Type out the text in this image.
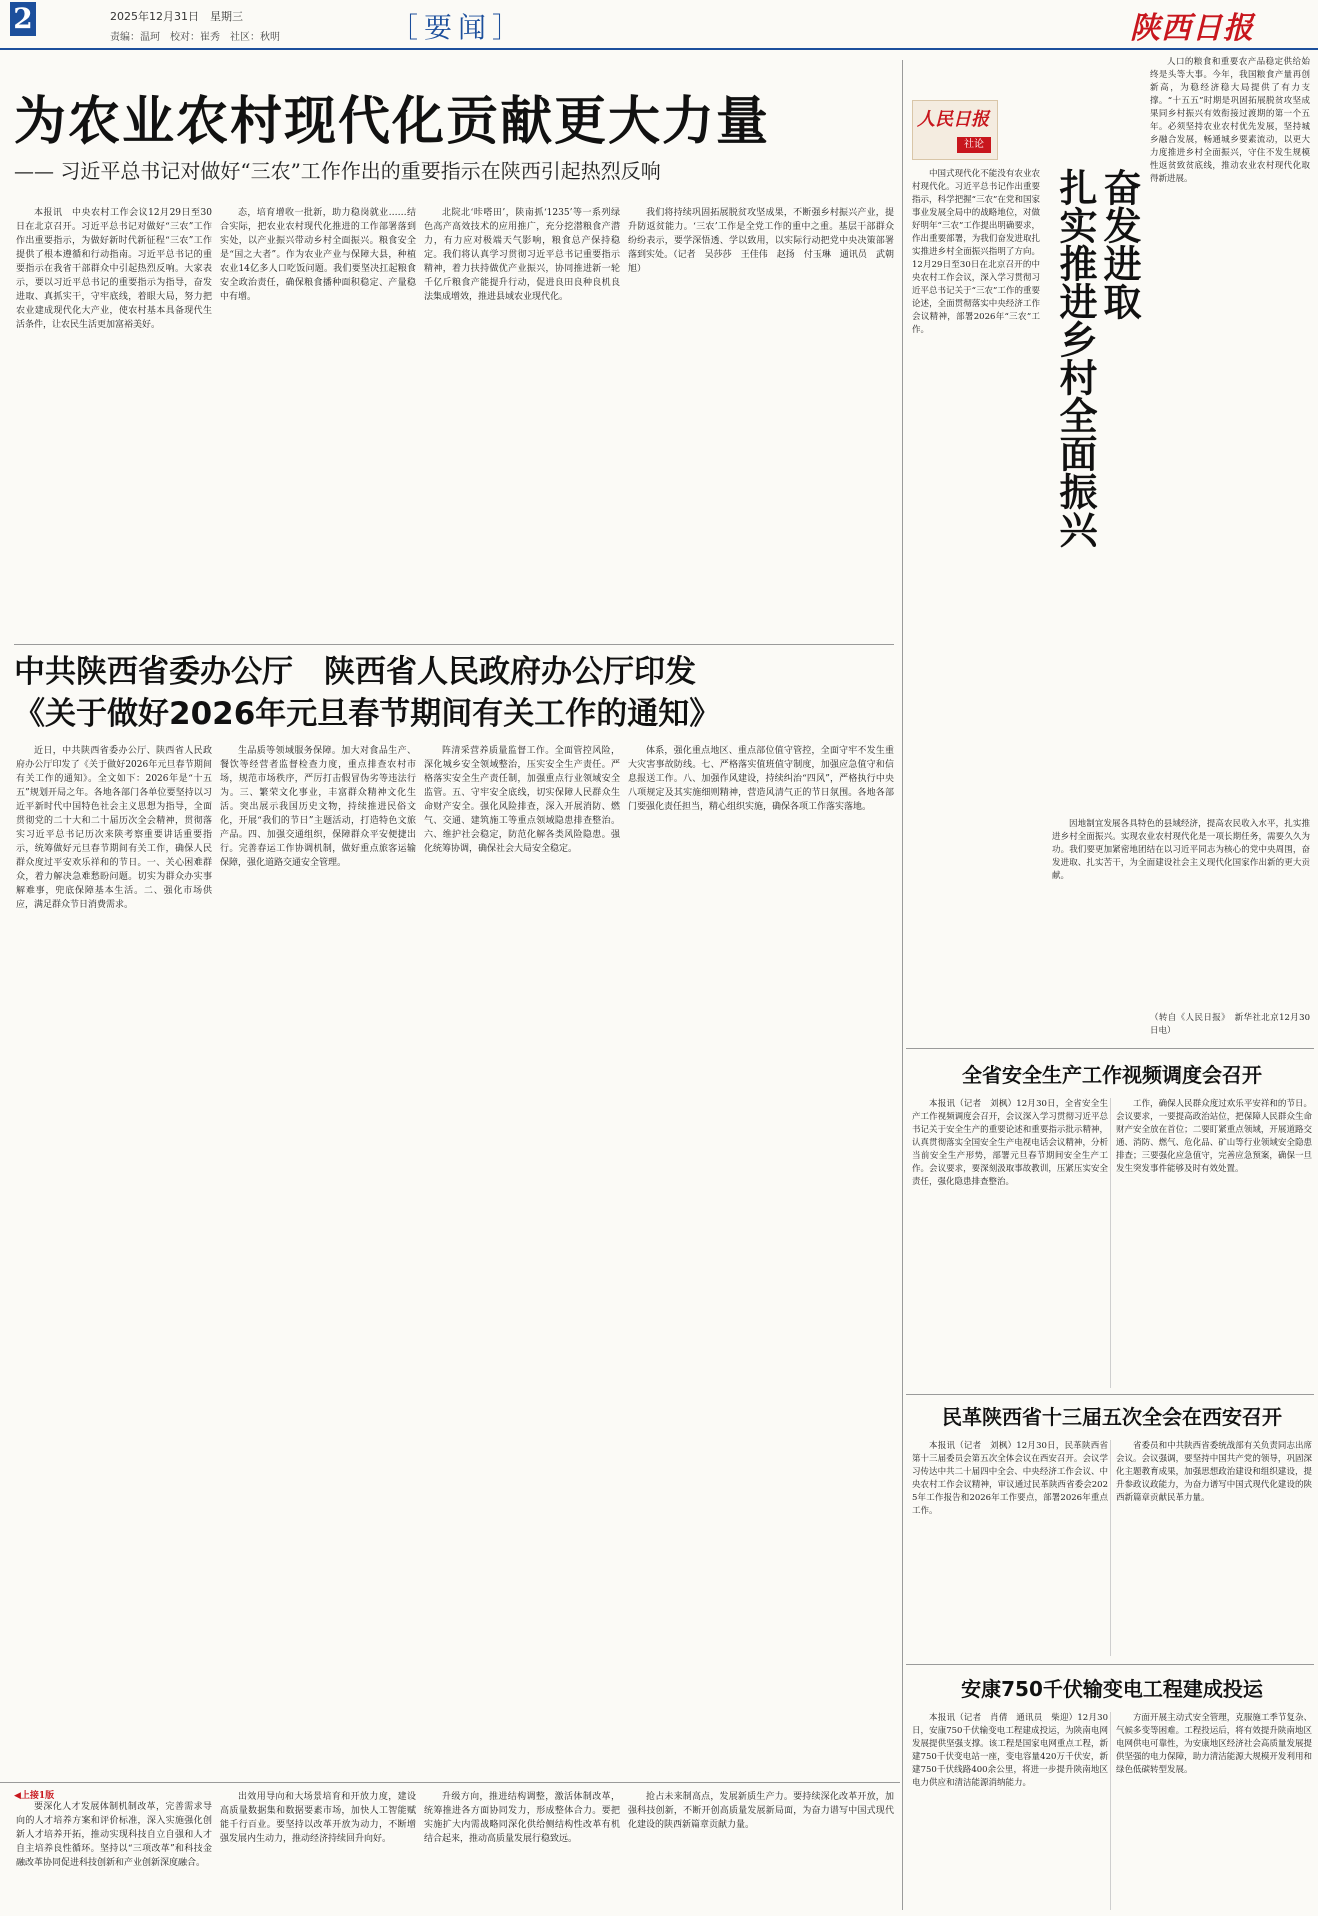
2	2025年12月31日　星期三
责编：温珂　校对：崔秀　社区：秋明	［要闻］	陕西日报
为农业农村现代化贡献更大力量
—— 习近平总书记对做好“三农”工作作出的重要指示在陕西引起热烈反响
本报讯　中央农村工作会议12月29日至30日在北京召开。习近平总书记对做好“三农”工作作出重要指示，为做好新时代新征程“三农”工作提供了根本遵循和行动指南。习近平总书记的重要指示在我省干部群众中引起热烈反响。大家表示，要以习近平总书记的重要指示为指导，奋发进取、真抓实干，守牢底线，着眼大局，努力把农业建成现代化大产业，使农村基本具备现代生活条件，让农民生活更加富裕美好。
态，培育增收一批新，助力稳岗就业……结合实际，把农业农村现代化推进的工作部署落到实处，以产业振兴带动乡村全面振兴。粮食安全是“国之大者”。作为农业产业与保障大县，种植农业14亿多人口吃饭问题。我们要坚决扛起粮食安全政治责任，确保粮食播种面积稳定、产量稳中有增。
北院北‘咔嗒田’，陕南抓‘1235’等一系列绿色高产高效技术的应用推广，充分挖潜粮食产潜力，有力应对极端天气影响，粮食总产保持稳定。我们将认真学习贯彻习近平总书记重要指示精神，着力扶持做优产业振兴，协同推进新一轮千亿斤粮食产能提升行动，促进良田良种良机良法集成增效，推进县域农业现代化。
我们将持续巩固拓展脱贫攻坚成果，不断强乡村振兴产业，提升防返贫能力。‘三农’工作是全党工作的重中之重。基层干部群众纷纷表示，要学深悟透、学以致用，以实际行动把党中央决策部署落到实处。（记者　吴莎莎　王佳伟　赵扬　付玉琳　通讯员　武朝旭）
中共陕西省委办公厅　陕西省人民政府办公厅印发
《关于做好2026年元旦春节期间有关工作的通知》
近日，中共陕西省委办公厅、陕西省人民政府办公厅印发了《关于做好2026年元旦春节期间有关工作的通知》。全文如下：2026年是“十五五”规划开局之年。各地各部门各单位要坚持以习近平新时代中国特色社会主义思想为指导，全面贯彻党的二十大和二十届历次全会精神，贯彻落实习近平总书记历次来陕考察重要讲话重要指示，统筹做好元旦春节期间有关工作，确保人民群众度过平安欢乐祥和的节日。一、关心困难群众，着力解决急难愁盼问题。切实为群众办实事解难事，兜底保障基本生活。二、强化市场供应，满足群众节日消费需求。
生品质等领域服务保障。加大对食品生产、餐饮等经营者监督检查力度，重点排查农村市场，规范市场秩序，严厉打击假冒伪劣等违法行为。三、繁荣文化事业，丰富群众精神文化生活。突出展示我国历史文物，持续推进民俗文化，开展“我们的节日”主题活动，打造特色文旅产品。四、加强交通组织，保障群众平安便捷出行。完善春运工作协调机制，做好重点旅客运输保障，强化道路交通安全管理。
阵清采营养质量监督工作。全面管控风险，深化城乡安全领域整治，压实安全生产责任。严格落实安全生产责任制，加强重点行业领域安全监管。五、守牢安全底线，切实保障人民群众生命财产安全。强化风险排查，深入开展消防、燃气、交通、建筑施工等重点领域隐患排查整治。六、维护社会稳定，防范化解各类风险隐患。强化统筹协调，确保社会大局安全稳定。
体系，强化重点地区、重点部位值守管控，全面守牢不发生重大灾害事故防线。七、严格落实值班值守制度，加强应急值守和信息报送工作。八、加强作风建设，持续纠治“四风”，严格执行中央八项规定及其实施细则精神，营造风清气正的节日氛围。各地各部门要强化责任担当，精心组织实施，确保各项工作落实落地。
◀上接1版
要深化人才发展体制机制改革，完善需求导向的人才培养方案和评价标准，深入实施强化创新人才培养开拓，推动实现科技自立自强和人才自主培养良性循环。坚持以“三项改革”和科技金融改革协同促进科技创新和产业创新深度融合。
出效用导向和大场景培育和开放力度，建设高质量数据集和数据要素市场，加快人工智能赋能千行百业。要坚持以改革开放为动力，不断增强发展内生动力，推动经济持续回升向好。
升级方向，推进结构调整，激活体制改革，统筹推进各方面协同发力，形成整体合力。要把实施扩大内需战略同深化供给侧结构性改革有机结合起来，推动高质量发展行稳致远。
抢占未来制高点，发展新质生产力。要持续深化改革开放，加强科技创新，不断开创高质量发展新局面，为奋力谱写中国式现代化建设的陕西新篇章贡献力量。
人民日报
社论
奋发进取
扎实推进乡村全面振兴
中国式现代化不能没有农业农村现代化。习近平总书记作出重要指示，科学把握“三农”在党和国家事业发展全局中的战略地位，对做好明年“三农”工作提出明确要求，作出重要部署，为我们奋发进取扎实推进乡村全面振兴指明了方向。12月29日至30日在北京召开的中央农村工作会议，深入学习贯彻习近平总书记关于“三农”工作的重要论述，全面贯彻落实中央经济工作会议精神，部署2026年“三农”工作。
人口的粮食和重要农产品稳定供给始终是头等大事。今年，我国粮食产量再创新高，为稳经济稳大局提供了有力支撑。“十五五”时期是巩固拓展脱贫攻坚成果同乡村振兴有效衔接过渡期的第一个五年。必须坚持农业农村优先发展，坚持城乡融合发展，畅通城乡要素流动，以更大力度推进乡村全面振兴，守住不发生规模性返贫致贫底线，推动农业农村现代化取得新进展。
因地制宜发展各具特色的县域经济，提高农民收入水平，扎实推进乡村全面振兴。实现农业农村现代化是一项长期任务，需要久久为功。我们要更加紧密地团结在以习近平同志为核心的党中央周围，奋发进取、扎实苦干，为全面建设社会主义现代化国家作出新的更大贡献。
（转自《人民日报》　新华社北京12月30日电）
全省安全生产工作视频调度会召开
本报讯（记者　刘枫）12月30日，全省安全生产工作视频调度会召开，会议深入学习贯彻习近平总书记关于安全生产的重要论述和重要指示批示精神，认真贯彻落实全国安全生产电视电话会议精神，分析当前安全生产形势，部署元旦春节期间安全生产工作。会议要求，要深刻汲取事故教训，压紧压实安全责任，强化隐患排查整治。
工作，确保人民群众度过欢乐平安祥和的节日。会议要求，一要提高政治站位，把保障人民群众生命财产安全放在首位；二要盯紧重点领域，开展道路交通、消防、燃气、危化品、矿山等行业领域安全隐患排查；三要强化应急值守，完善应急预案，确保一旦发生突发事件能够及时有效处置。
民革陕西省十三届五次全会在西安召开
本报讯（记者　刘枫）12月30日，民革陕西省第十三届委员会第五次全体会议在西安召开。会议学习传达中共二十届四中全会、中央经济工作会议、中央农村工作会议精神，审议通过民革陕西省委会2025年工作报告和2026年工作要点，部署2026年重点工作。
省委员和中共陕西省委统战部有关负责同志出席会议。会议强调，要坚持中国共产党的领导，巩固深化主题教育成果，加强思想政治建设和组织建设，提升参政议政能力，为奋力谱写中国式现代化建设的陕西新篇章贡献民革力量。
安康750千伏输变电工程建成投运
本报讯（记者　肖倩　通讯员　柴迎）12月30日，安康750千伏输变电工程建成投运，为陕南电网发展提供坚强支撑。该工程是国家电网重点工程，新建750千伏变电站一座，变电容量420万千伏安，新建750千伏线路400余公里，将进一步提升陕南地区电力供应和清洁能源消纳能力。
方面开展主动式安全管理，克服施工季节复杂、气候多变等困难。工程投运后，将有效提升陕南地区电网供电可靠性，为安康地区经济社会高质量发展提供坚强的电力保障，助力清洁能源大规模开发利用和绿色低碳转型发展。
